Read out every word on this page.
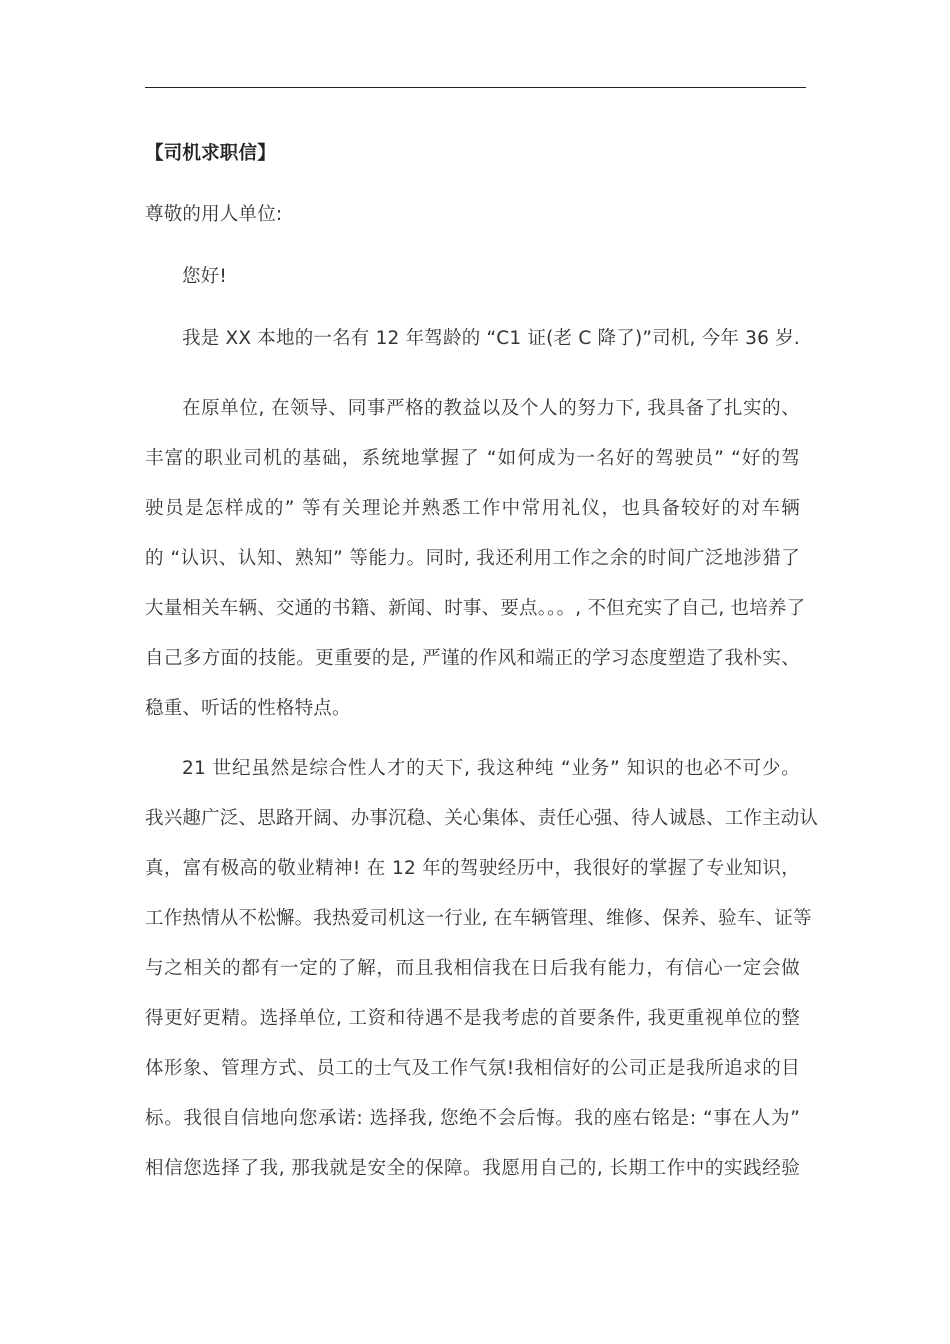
【司机求职信】

尊敬的用人单位:

您好!

我是 XX 本地的一名有 12 年驾龄的 “C1 证(老 C 降了)”司机, 今年 36 岁.

在原单位, 在领导、同事严格的教益以及个人的努力下, 我具备了扎实的、
丰富的职业司机的基础，系统地掌握了 “如何成为一名好的驾驶员” “好的驾
驶员是怎样成的” 等有关理论并熟悉工作中常用礼仪，也具备较好的对车辆
的 “认识、认知、熟知” 等能力。同时, 我还利用工作之余的时间广泛地涉猎了
大量相关车辆、交通的书籍、新闻、时事、要点。。。, 不但充实了自己, 也培养了
自己多方面的技能。更重要的是, 严谨的作风和端正的学习态度塑造了我朴实、
稳重、听话的性格特点。
21 世纪虽然是综合性人才的天下, 我这种纯 “业务” 知识的也必不可少。
我兴趣广泛、思路开阔、办事沉稳、关心集体、责任心强、待人诚恳、工作主动认
真，富有极高的敬业精神! 在 12 年的驾驶经历中，我很好的掌握了专业知识，
工作热情从不松懈。我热爱司机这一行业, 在车辆管理、维修、保养、验车、证等
与之相关的都有一定的了解，而且我相信我在日后我有能力，有信心一定会做
得更好更精。选择单位, 工资和待遇不是我考虑的首要条件, 我更重视单位的整
体形象、管理方式、员工的士气及工作气氛!我相信好的公司正是我所追求的目
标。我很自信地向您承诺: 选择我, 您绝不会后悔。我的座右铭是: “事在人为”
相信您选择了我, 那我就是安全的保障。我愿用自己的, 长期工作中的实践经验
